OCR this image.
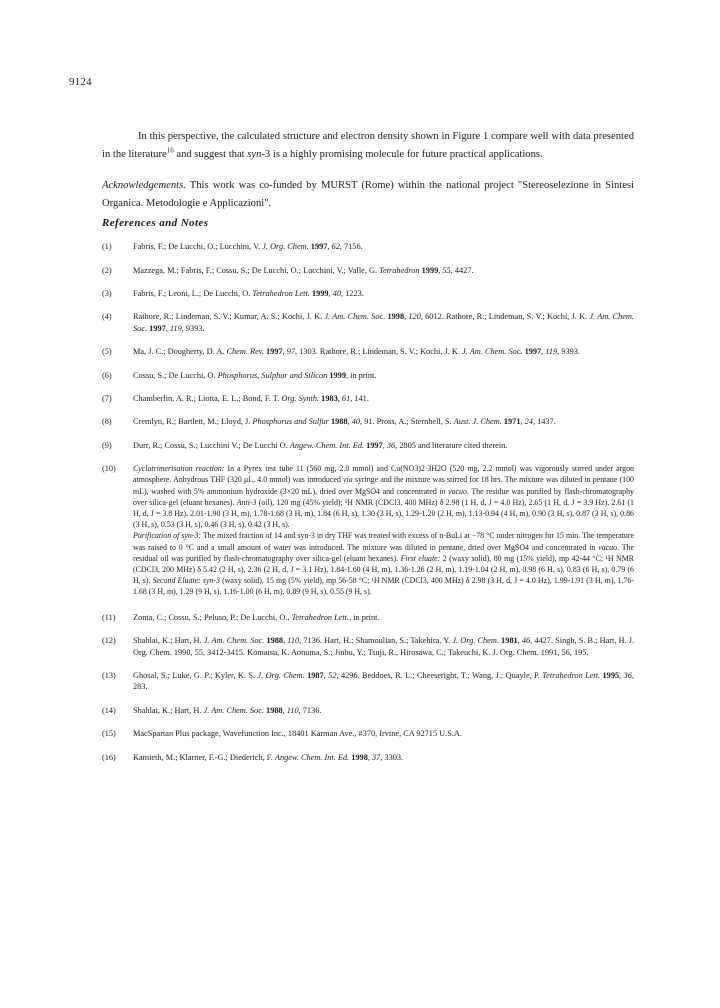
9124

In this perspective, the calculated structure and electron density shown in Figure 1 compare well with data presented in the literature$^{16}$ and suggest that syn-3 is a highly promising molecule for future practical applications.

Acknowledgements. This work was co-funded by MURST (Rome) within the national project "Stereoselezione in Sintesi Organica. Metodologie e Applicazioni".

References and Notes
(1)	Fabris, F.; De Lucchi, O.; Lucchini, V. J. Org. Chem. 1997, 62, 7156.
(2)	Mazzega, M.; Fabris, F.; Cossu, S.; De Lucchi, O.; Lucchini, V.; Valle, G. Tetrahedron 1999, 55, 4427.
(3)	Fabris, F.; Leoni, L.; De Lucchi, O. Tetrahedron Lett. 1999, 40, 1223.
(4)	Rathore, R.; Lindeman, S. V.; Kumar, A. S.; Kochi, J. K. J. Am. Chem. Soc. 1998, 120, 6012. Rathore, R.; Lindeman, S. V.; Kochi, J. K. J. Am. Chem. Soc. 1997, 119, 9393.
(5)	Ma, J. C.; Dougherty, D. A. Chem. Rev. 1997, 97, 1303. Rathore, R.; Lindeman, S. V.; Kochi, J. K. J. Am. Chem. Soc. 1997, 119, 9393.
(6)	Cossu, S.; De Lucchi, O. Phosphorus, Sulphur and Silicon 1999, in print.
(7)	Chamberlin, A. R.; Liotta, E. L.; Bond, F. T. Org. Synth. 1983, 61, 141.
(8)	Cremlyn, R.; Bartlett, M.; Lloyd, J. Phosphorus and Sulfur 1988, 40, 91. Pross, A.; Sternhell, S. Aust. J. Chem. 1971, 24, 1437.
(9)	Durr, R.; Cossu, S.; Lucchini V.; De Lucchi O. Angew. Chem. Int. Ed. 1997, 36, 2805 and literature cited therein.
(10)	Cyclotrimerisation reaction: In a Pyrex test tube 11 (560 mg, 2.0 mmol) and Cu(NO3)2·3H2O (520 mg, 2.2 mmol) was vigorously stirred under argon atmosphere. Anhydrous THF (320 μL, 4.0 mmol) was introduced via syringe and the mixture was stirred for 18 hrs. The mixture was diluted in pentane (100 mL), washed with 5% ammonium hydroxide (3×20 mL), dried over MgSO4 and concentrated in vacuo. The residue was purified by flash-chromatography over silica-gel (eluant hexanes). Anti-3 (oil), 120 mg (45% yield); ¹H NMR (CDCl3, 400 MHz) δ 2.98 (1 H, d, J = 4.0 Hz), 2.65 (1 H, d, J = 3.9 Hz), 2.61 (1 H, d, J = 3.8 Hz), 2.01-1.90 (3 H, m), 1.78-1.68 (3 H, m), 1.84 (6 H, s), 1.30 (3 H, s), 1.29-1.20 (2 H, m), 1.13-0.94 (4 H, m), 0.90 (3 H, s), 0.87 (3 H, s), 0.86 (3 H, s), 0.53 (3 H, s), 0.46 (3 H, s), 0.42 (3 H, s).
Purification of syn-3: The mixed fraction of 14 and syn-3 in dry THF was treated with excess of n-BuLi at −78 °C under nitrogen for 15 min. The temperature was raised to 0 °C and a small amount of water was introduced. The mixture was diluted in pentane, dried over MgSO4 and concentrated in vacuo. The residual oil was purified by flash-chromatography over silica-gel (eluant hexanes). First eluate: 2 (waxy solid), 80 mg (15% yield), mp 42-44 °C; ¹H NMR (CDCl3, 200 MHz) δ 5.42 (2 H, s), 2.36 (2 H, d, J = 3.1 Hz), 1.84-1.60 (4 H, m), 1.36-1.26 (2 H, m), 1.19-1.04 (2 H, m), 0.98 (6 H, s), 0.83 (6 H, s), 0.79 (6 H, s). Second Eluate: syn-3 (waxy solid), 15 mg (5% yield), mp 56-58 °C; ¹H NMR (CDCl3, 400 MHz) δ 2.98 (3 H, d, J = 4.0 Hz), 1.99-1.91 (3 H, m), 1.76-1.68 (3 H, m), 1.29 (9 H, s), 1.16-1.00 (6 H, m), 0.89 (9 H, s), 0.55 (9 H, s).
(11)	Zonta, C.; Cossu, S.; Peluso, P.; De Lucchi, O., Tetrahedron Lett., in print.
(12)	Shahlai, K.; Hart, H. J. Am. Chem. Soc. 1988, 110, 7136. Hart, H.; Shamoulian, S.; Takehira, Y. J. Org. Chem. 1981, 46, 4427. Singh, S. B.; Hart, H. J. Org. Chem. 1990, 55, 3412-3415. Komatsu, K. Aonuma, S.; Jinbu, Y.; Tsuji, R., Hirosawa, C.; Takeuchi, K. J. Org. Chem. 1991, 56, 195.
(13)	Ghosal, S.; Luke, G. P.; Kyler, K. S. J. Org. Chem. 1987, 52, 4296. Beddoes, R. L.; Cheeseright, T.; Wang, J.; Quayle, P. Tetrahedron Lett. 1995, 36, 283.
(14)	Shahlai, K.; Hart, H. J. Am. Chem. Soc. 1988, 110, 7136.
(15)	MacSpartan Plus package, Wavefunction Inc., 18401 Karman Ave., #370, Irvine, CA 92715 U.S.A.
(16)	Kamieth, M.; Klarner, F.-G.; Diederich, F. Angew. Chem. Int. Ed. 1998, 37, 3303.
